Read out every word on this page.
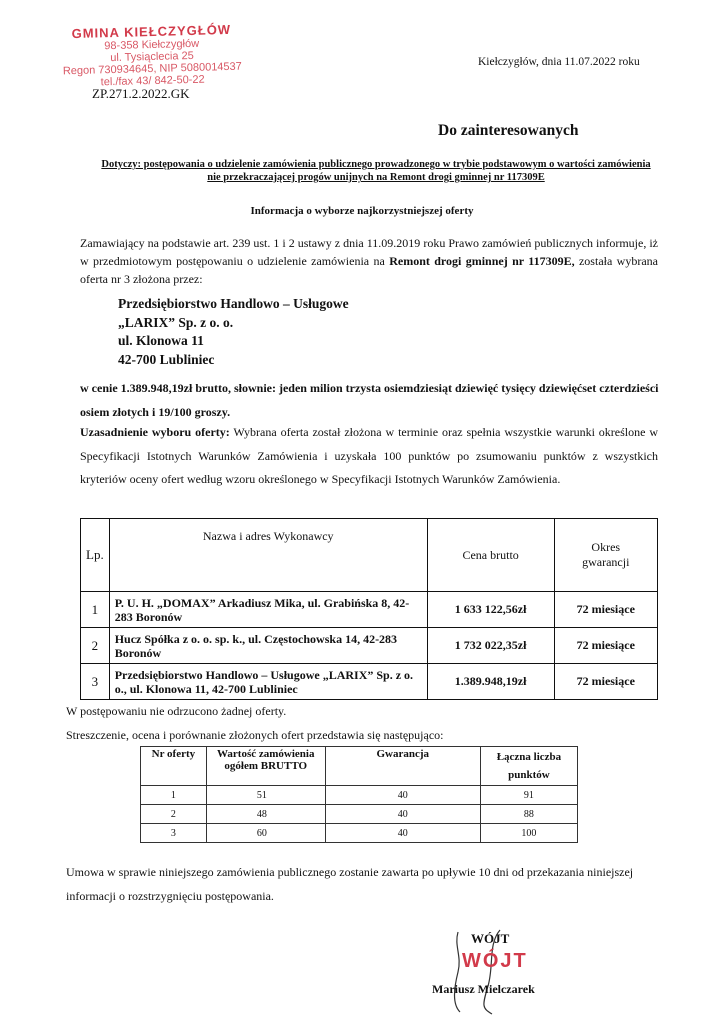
GMINA KIEŁCZYGŁÓW
98-358 Kiełczygłów
ul. Tysiąclecia 25
Regon 730934645, NIP 5080014537
tel./fax 43/ 842-50-22
ZP.271.2.2022.GK
Kiełczygłów, dnia 11.07.2022 roku
Do zainteresowanych
Dotyczy: postępowania o udzielenie zamówienia publicznego prowadzonego w trybie podstawowym o wartości zamówienia nie przekraczającej progów unijnych na Remont drogi gminnej nr 117309E
Informacja o wyborze najkorzystniejszej oferty
Zamawiający na podstawie art. 239 ust. 1 i 2 ustawy z dnia 11.09.2019 roku Prawo zamówień publicznych informuje, iż w przedmiotowym postępowaniu o udzielenie zamówienia na Remont drogi gminnej nr 117309E, została wybrana oferta nr 3 złożona przez:
Przedsiębiorstwo Handlowo – Usługowe
„LARIX” Sp. z o. o.
ul. Klonowa 11
42-700 Lubliniec
w cenie 1.389.948,19zł brutto, słownie: jeden milion trzysta osiemdziesiąt dziewięć tysięcy dziewięćset czterdzieści osiem złotych i 19/100 groszy.
Uzasadnienie wyboru oferty: Wybrana oferta został złożona w terminie oraz spełnia wszystkie warunki określone w Specyfikacji Istotnych Warunków Zamówienia i uzyskała 100 punktów po zsumowaniu punktów z wszystkich kryteriów oceny ofert według wzoru określonego w Specyfikacji Istotnych Warunków Zamówienia.
Lp.	Nazwa i adres Wykonawcy	Cena brutto	Okres gwarancji
1	P. U. H. „DOMAX” Arkadiusz Mika, ul. Grabińska 8, 42-283 Boronów	1 633 122,56zł	72 miesiące
2	Hucz Spółka z o. o. sp. k., ul. Częstochowska 14, 42-283 Boronów	1 732 022,35zł	72 miesiące
3	Przedsiębiorstwo Handlowo – Usługowe „LARIX” Sp. z o. o., ul. Klonowa 11, 42-700 Lubliniec	1.389.948,19zł	72 miesiące
W postępowaniu nie odrzucono żadnej oferty.
Streszczenie, ocena i porównanie złożonych ofert przedstawia się następująco:
Nr oferty	Wartość zamówienia ogółem BRUTTO	Gwarancja	Łączna liczba punktów
1	51	40	91
2	48	40	88
3	60	40	100
Umowa w sprawie niniejszego zamówienia publicznego zostanie zawarta po upływie 10 dni od przekazania niniejszej informacji o rozstrzygnięciu postępowania.
WÓJT
WÓJT
Mariusz Mielczarek
